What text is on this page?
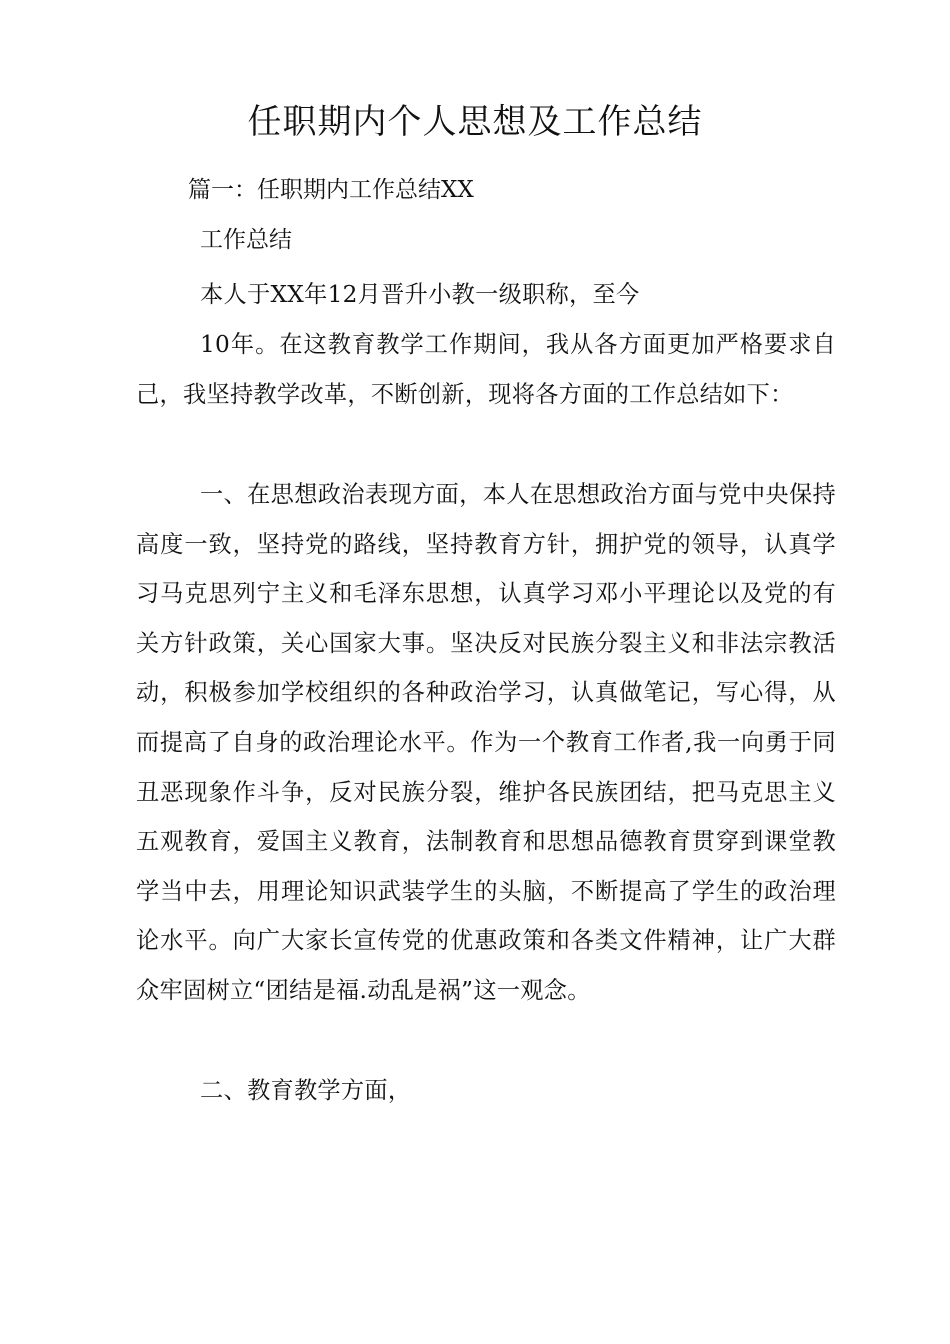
任职期内个人思想及工作总结

篇一：任职期内工作总结XX

工作总结

本人于XX年12月晋升小教一级职称，至今

10年。在这教育教学工作期间，我从各方面更加严格要求自己，我坚持教学改革，不断创新，现将各方面的工作总结如下：

一、在思想政治表现方面，本人在思想政治方面与党中央保持高度一致，坚持党的路线，坚持教育方针，拥护党的领导，认真学习马克思列宁主义和毛泽东思想，认真学习邓小平理论以及党的有关方针政策，关心国家大事。坚决反对民族分裂主义和非法宗教活动，积极参加学校组织的各种政治学习，认真做笔记，写心得，从而提高了自身的政治理论水平。作为一个教育工作者,我一向勇于同丑恶现象作斗争，反对民族分裂，维护各民族团结，把马克思主义五观教育，爱国主义教育，法制教育和思想品德教育贯穿到课堂教学当中去，用理论知识武装学生的头脑，不断提高了学生的政治理论水平。向广大家长宣传党的优惠政策和各类文件精神，让广大群众牢固树立“团结是福.动乱是祸”这一观念。

二、教育教学方面，
